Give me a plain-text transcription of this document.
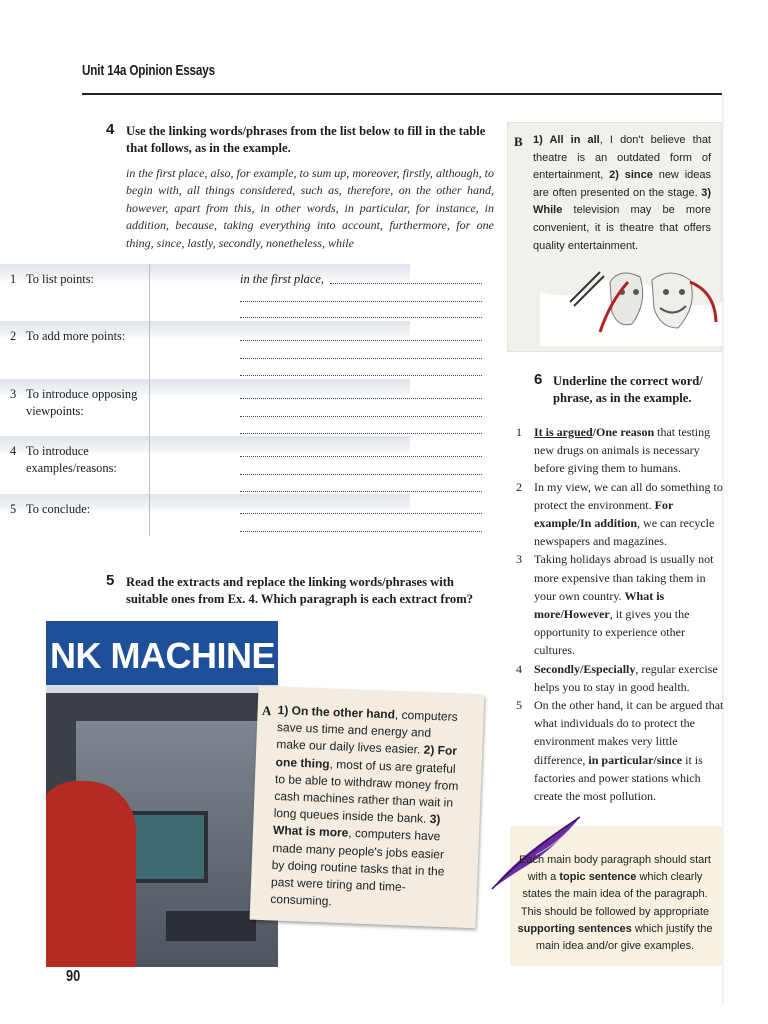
Unit 14a Opinion Essays
4 Use the linking words/phrases from the list below to fill in the table that follows, as in the example.
in the first place, also, for example, to sum up, moreover, firstly, although, to begin with, all things considered, such as, therefore, on the other hand, however, apart from this, in other words, in particular, for instance, in addition, because, taking everything into account, furthermore, for one thing, since, lastly, secondly, nonetheless, while
1 To list points:
2 To add more points:
3 To introduce opposing viewpoints:
4 To introduce examples/reasons:
5 To conclude:
in the first place,
B 1) All in all, I don't believe that theatre is an outdated form of entertainment, 2) since new ideas are often presented on the stage. 3) While television may be more convenient, it is theatre that offers quality entertainment.
6 Underline the correct word/ phrase, as in the example.
1 It is argued/One reason that testing new drugs on animals is necessary before giving them to humans.
2 In my view, we can all do something to protect the environment. For example/In addition, we can recycle newspapers and magazines.
3 Taking holidays abroad is usually not more expensive than taking them in your own country. What is more/However, it gives you the opportunity to experience other cultures.
4 Secondly/Especially, regular exercise helps you to stay in good health.
5 On the other hand, it can be argued that what individuals do to protect the environment makes very little difference, in particular/since it is factories and power stations which create the most pollution.
5 Read the extracts and replace the linking words/phrases with suitable ones from Ex. 4. Which paragraph is each extract from?
NK MACHINE
A 1) On the other hand, computers save us time and energy and make our daily lives easier. 2) For one thing, most of us are grateful to be able to withdraw money from cash machines rather than wait in long queues inside the bank. 3) What is more, computers have made many people's jobs easier by doing routine tasks that in the past were tiring and time-consuming.
Each main body paragraph should start with a topic sentence which clearly states the main idea of the paragraph. This should be followed by appropriate supporting sentences which justify the main idea and/or give examples.
90
